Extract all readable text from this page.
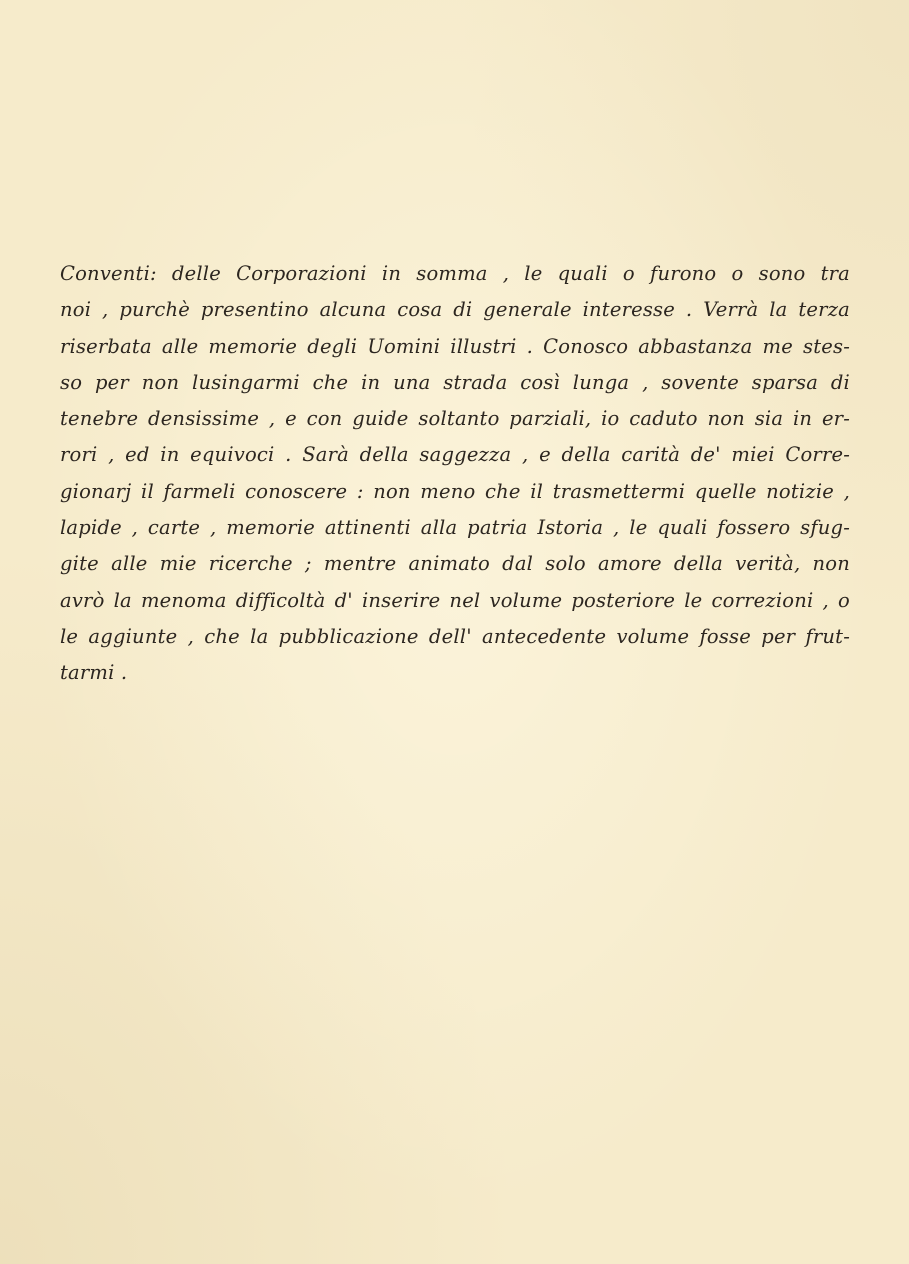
Conventi: delle Corporazioni in somma , le quali o furono o sono tra
noi , purchè presentino alcuna cosa di generale interesse . Verrà la terza
riserbata alle memorie degli Uomini illustri . Conosco abbastanza me stes-
so per non lusingarmi che in una strada così lunga , sovente sparsa di
tenebre densissime , e con guide soltanto parziali, io caduto non sia in er-
rori , ed in equivoci . Sarà della saggezza , e della carità de' miei Corre-
gionarj il farmeli conoscere : non meno che il trasmettermi quelle notizie ,
lapide , carte , memorie attinenti alla patria Istoria , le quali fossero sfug-
gite alle mie ricerche ; mentre animato dal solo amore della verità, non
avrò la menoma difficoltà d' inserire nel volume posteriore le correzioni , o
le aggiunte , che la pubblicazione dell' antecedente volume fosse per frut-
tarmi .
